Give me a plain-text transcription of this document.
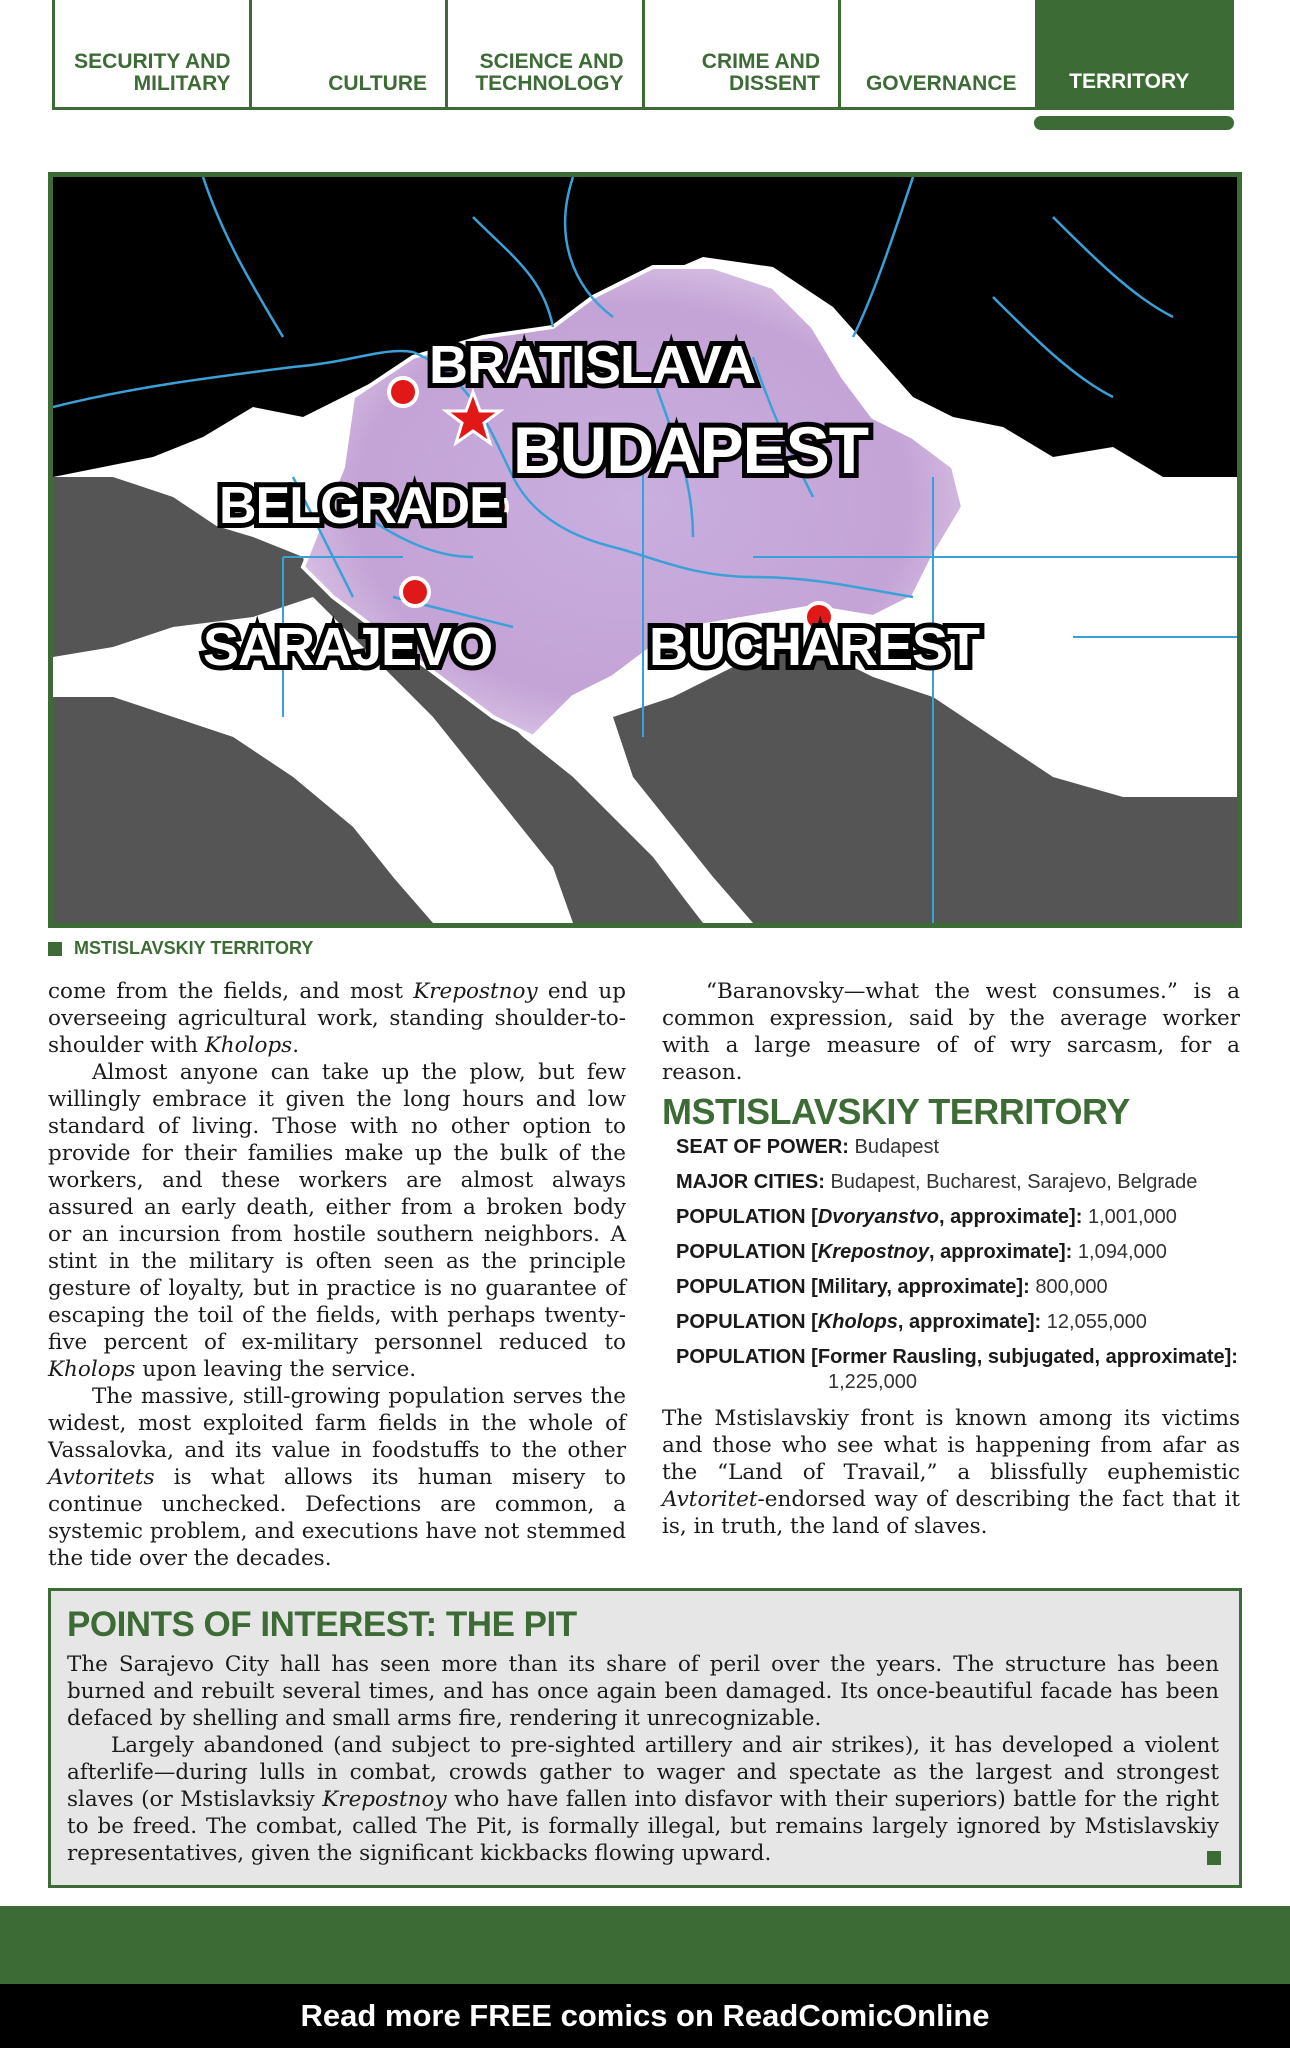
SECURITY AND
MILITARY	CULTURE
SCIENCE AND
TECHNOLOGY
CRIME AND
DISSENT	GOVERNANCE	TERRITORY
BRATISLAVA
BUDAPEST
BELGRADE
SARAJEVO	BUCHAREST
MSTISLAVSKIY TERRITORY

come from the fields, and most Krepostnoy end up overseeing agricultural work, standing shoulder-to-shoulder with Kholops.

Almost anyone can take up the plow, but few willingly embrace it given the long hours and low standard of living. Those with no other option to provide for their families make up the bulk of the workers, and these workers are almost always assured an early death, either from a broken body or an incursion from hostile southern neighbors. A stint in the military is often seen as the principle gesture of loyalty, but in practice is no guarantee of escaping the toil of the fields, with perhaps twenty-five percent of ex-military personnel reduced to Kholops upon leaving the service.

The massive, still-growing population serves the widest, most exploited farm fields in the whole of Vassalovka, and its value in foodstuffs to the other Avtoritets is what allows its human misery to continue unchecked. Defections are common, a systemic problem, and executions have not stemmed the tide over the decades.

“Baranovsky—what the west consumes.” is a common expression, said by the average worker with a large measure of of wry sarcasm, for a reason.

MSTISLAVSKIY TERRITORY
SEAT OF POWER: Budapest
MAJOR CITIES: Budapest, Bucharest, Sarajevo, Belgrade
POPULATION [Dvoryanstvo, approximate]: 1,001,000
POPULATION [Krepostnoy, approximate]: 1,094,000
POPULATION [Military, approximate]: 800,000
POPULATION [Kholops, approximate]: 12,055,000
POPULATION [Former Rausling, subjugated, approximate]: 1,225,000

The Mstislavskiy front is known among its victims and those who see what is happening from afar as the “Land of Travail,” a blissfully euphemistic Avtoritet-endorsed way of describing the fact that it is, in truth, the land of slaves.

POINTS OF INTEREST: THE PIT

The Sarajevo City hall has seen more than its share of peril over the years. The structure has been burned and rebuilt several times, and has once again been damaged. Its once-beautiful facade has been defaced by shelling and small arms fire, rendering it unrecognizable.

Largely abandoned (and subject to pre-sighted artillery and air strikes), it has developed a violent afterlife—during lulls in combat, crowds gather to wager and spectate as the largest and strongest slaves (or Mstislavksiy Krepostnoy who have fallen into disfavor with their superiors) battle for the right to be freed. The combat, called The Pit, is formally illegal, but remains largely ignored by Mstislavskiy representatives, given the significant kickbacks flowing upward.

Read more FREE comics on ReadComicOnline
